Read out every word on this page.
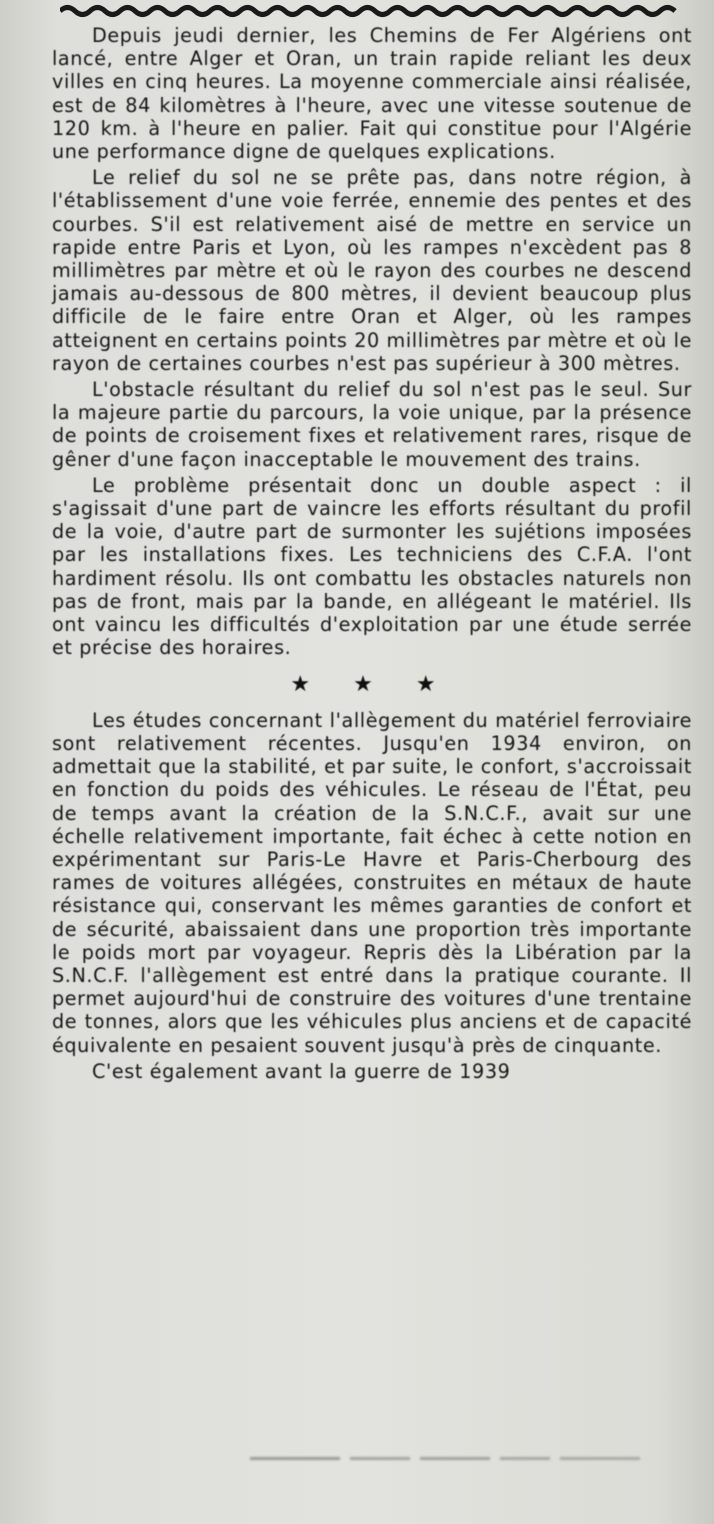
Depuis jeudi dernier, les Chemins de Fer Algériens ont lancé, entre Alger et Oran, un train rapide reliant les deux villes en cinq heures. La moyenne commerciale ainsi réalisée, est de 84 kilomètres à l'heure, avec une vitesse soutenue de 120 km. à l'heure en palier. Fait qui constitue pour l'Algérie une performance digne de quelques explications.

Le relief du sol ne se prête pas, dans notre région, à l'établissement d'une voie ferrée, ennemie des pentes et des courbes. S'il est relativement aisé de mettre en service un rapide entre Paris et Lyon, où les rampes n'excèdent pas 8 millimètres par mètre et où le rayon des courbes ne descend jamais au-dessous de 800 mètres, il devient beaucoup plus difficile de le faire entre Oran et Alger, où les rampes atteignent en certains points 20 millimètres par mètre et où le rayon de certaines courbes n'est pas supérieur à 300 mètres.

L'obstacle résultant du relief du sol n'est pas le seul. Sur la majeure partie du parcours, la voie unique, par la présence de points de croisement fixes et relativement rares, risque de gêner d'une façon inacceptable le mouvement des trains.

Le problème présentait donc un double aspect : il s'agissait d'une part de vaincre les efforts résultant du profil de la voie, d'autre part de surmonter les sujétions imposées par les installations fixes. Les techniciens des C.F.A. l'ont hardiment résolu. Ils ont combattu les obstacles naturels non pas de front, mais par la bande, en allégeant le matériel. Ils ont vaincu les difficultés d'exploitation par une étude serrée et précise des horaires.

★ ★ ★

Les études concernant l'allègement du matériel ferroviaire sont relativement récentes. Jusqu'en 1934 environ, on admettait que la stabilité, et par suite, le confort, s'accroissait en fonction du poids des véhicules. Le réseau de l'État, peu de temps avant la création de la S.N.C.F., avait sur une échelle relativement importante, fait échec à cette notion en expérimentant sur Paris-Le Havre et Paris-Cherbourg des rames de voitures allégées, construites en métaux de haute résistance qui, conservant les mêmes garanties de confort et de sécurité, abaissaient dans une proportion très importante le poids mort par voyageur. Repris dès la Libération par la S.N.C.F. l'allègement est entré dans la pratique courante. Il permet aujourd'hui de construire des voitures d'une trentaine de tonnes, alors que les véhicules plus anciens et de capacité équivalente en pesaient souvent jusqu'à près de cinquante.

C'est également avant la guerre de 1939
